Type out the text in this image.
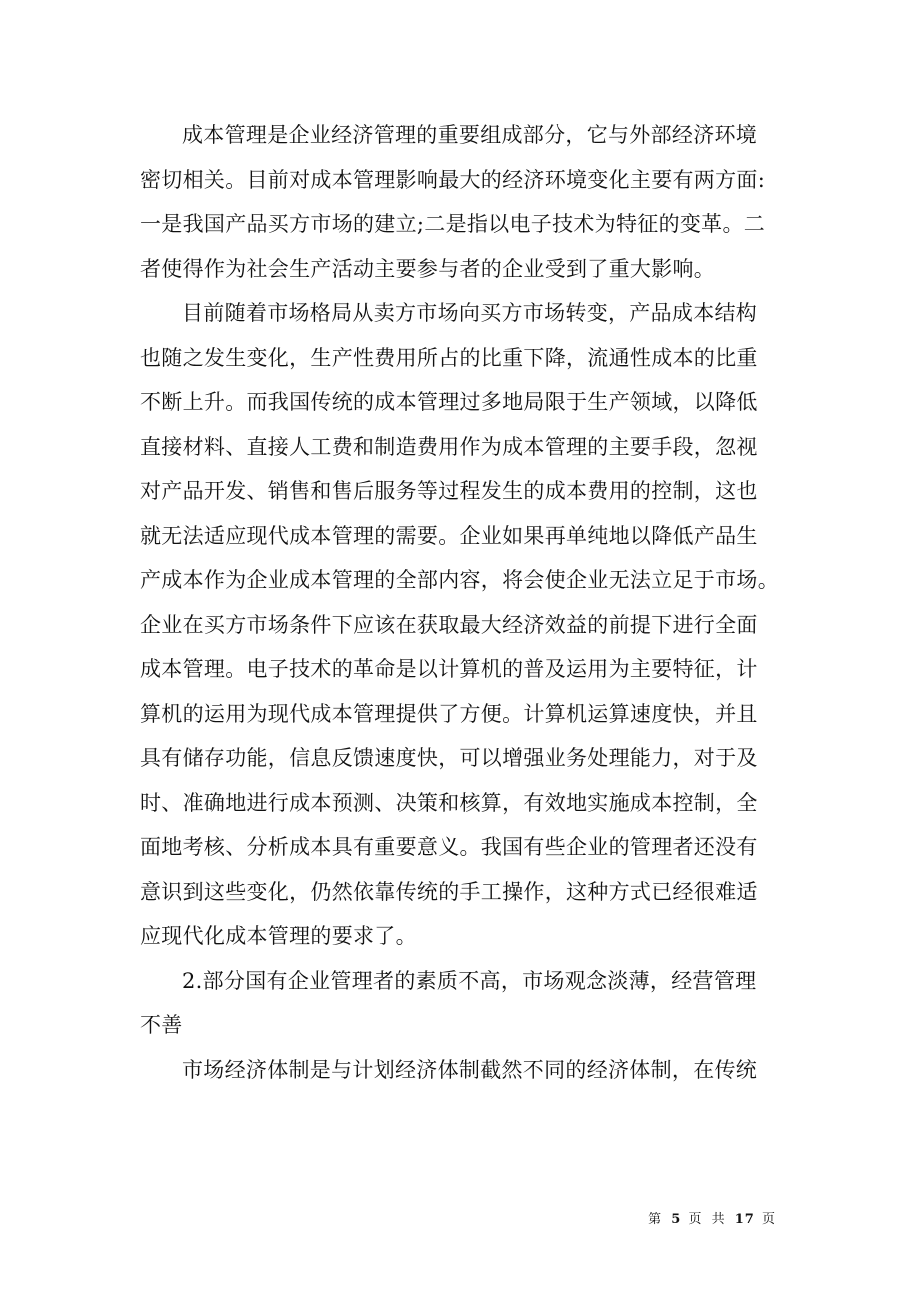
成本管理是企业经济管理的重要组成部分，它与外部经济环境
密切相关。目前对成本管理影响最大的经济环境变化主要有两方面:
一是我国产品买方市场的建立;二是指以电子技术为特征的变革。二
者使得作为社会生产活动主要参与者的企业受到了重大影响。

目前随着市场格局从卖方市场向买方市场转变，产品成本结构
也随之发生变化，生产性费用所占的比重下降，流通性成本的比重
不断上升。而我国传统的成本管理过多地局限于生产领域，以降低
直接材料、直接人工费和制造费用作为成本管理的主要手段，忽视
对产品开发、销售和售后服务等过程发生的成本费用的控制，这也
就无法适应现代成本管理的需要。企业如果再单纯地以降低产品生
产成本作为企业成本管理的全部内容，将会使企业无法立足于市场。
企业在买方市场条件下应该在获取最大经济效益的前提下进行全面
成本管理。电子技术的革命是以计算机的普及运用为主要特征，计
算机的运用为现代成本管理提供了方便。计算机运算速度快，并且
具有储存功能，信息反馈速度快，可以增强业务处理能力，对于及
时、准确地进行成本预测、决策和核算，有效地实施成本控制，全
面地考核、分析成本具有重要意义。我国有些企业的管理者还没有
意识到这些变化，仍然依靠传统的手工操作，这种方式已经很难适
应现代化成本管理的要求了。

2.部分国有企业管理者的素质不高，市场观念淡薄，经营管理
不善

市场经济体制是与计划经济体制截然不同的经济体制，在传统

第 5 页 共 17 页
